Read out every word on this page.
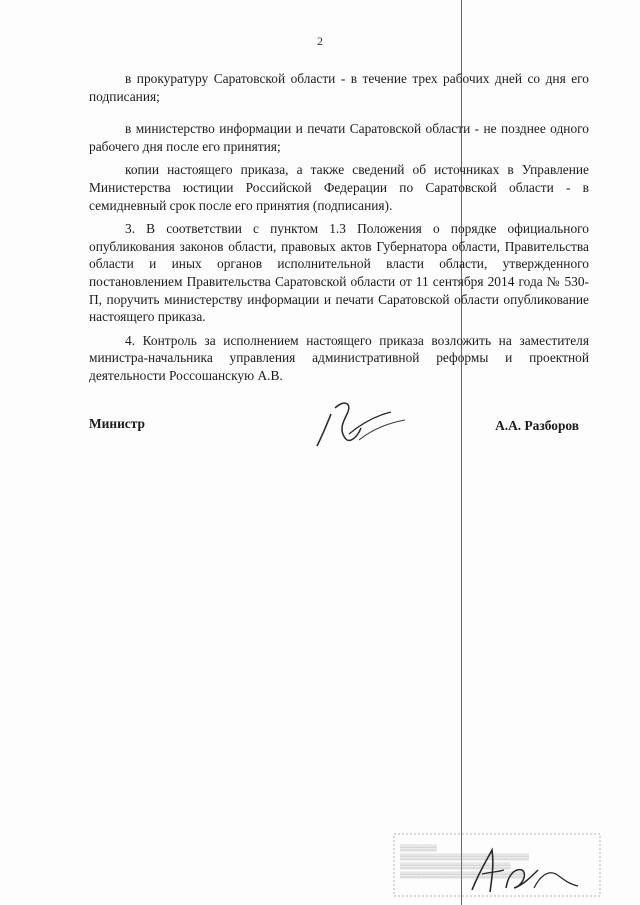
2

в прокуратуру Саратовской области - в течение трех рабочих дней со дня его подписания;

в министерство информации и печати Саратовской области - не позднее одного рабочего дня после его принятия;

копии настоящего приказа, а также сведений об источниках в Управление Министерства юстиции Российской Федерации по Саратовской области - в семидневный срок после его принятия (подписания).

3. В соответствии с пунктом 1.3 Положения о порядке официального опубликования законов области, правовых актов Губернатора области, Правительства области и иных органов исполнительной власти области, утвержденного постановлением Правительства Саратовской области от 11 сентября 2014 года № 530-П, поручить министерству информации и печати Саратовской области опубликование настоящего приказа.

4. Контроль за исполнением настоящего приказа возложить на заместителя министра-начальника управления административной реформы и проектной деятельности Россошанскую А.В.

Министр	А.А. Разборов
▒▒▒▒▒▒▒▒
▒▒▒▒▒▒▒▒▒▒▒▒▒▒▒▒▒▒▒▒▒▒▒▒▒▒▒▒
▒▒▒▒▒▒▒▒▒▒▒▒▒▒▒▒▒▒▒▒▒▒▒▒
▒▒▒▒▒▒▒▒▒▒▒▒▒▒▒▒▒▒▒▒▒▒▒▒▒▒▒
